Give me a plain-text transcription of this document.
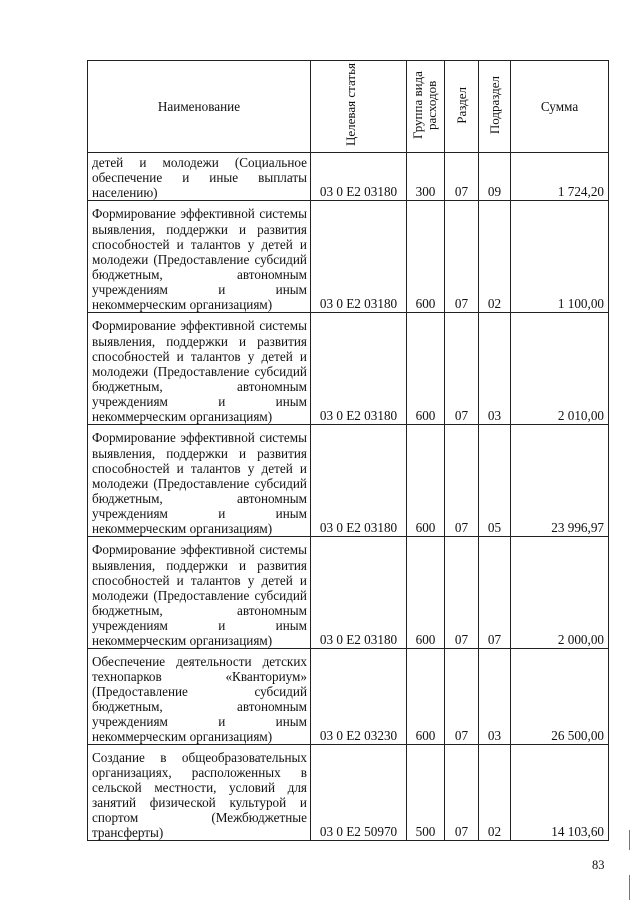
Наименование	Целевая статья	Группа вида расходов	Раздел	Подраздел	Сумма
детей и молодежи (Социальное обеспечение и иные выплаты населению)	03 0 E2 03180	300	07	09	1 724,20
Формирование эффективной системы выявления, поддержки и развития способностей и талантов у детей и молодежи (Предоставление субсидий бюджетным, автономным учреждениям и иным некоммерческим организациям)	03 0 E2 03180	600	07	02	1 100,00
Формирование эффективной системы выявления, поддержки и развития способностей и талантов у детей и молодежи (Предоставление субсидий бюджетным, автономным учреждениям и иным некоммерческим организациям)	03 0 E2 03180	600	07	03	2 010,00
Формирование эффективной системы выявления, поддержки и развития способностей и талантов у детей и молодежи (Предоставление субсидий бюджетным, автономным учреждениям и иным некоммерческим организациям)	03 0 E2 03180	600	07	05	23 996,97
Формирование эффективной системы выявления, поддержки и развития способностей и талантов у детей и молодежи (Предоставление субсидий бюджетным, автономным учреждениям и иным некоммерческим организациям)	03 0 E2 03180	600	07	07	2 000,00
Обеспечение деятельности детских технопарков «Кванториум» (Предоставление субсидий бюджетным, автономным учреждениям и иным некоммерческим организациям)	03 0 E2 03230	600	07	03	26 500,00
Создание в общеобразовательных организациях, расположенных в сельской местности, условий для занятий физической культурой и спортом (Межбюджетные трансферты)	03 0 E2 50970	500	07	02	14 103,60
83
